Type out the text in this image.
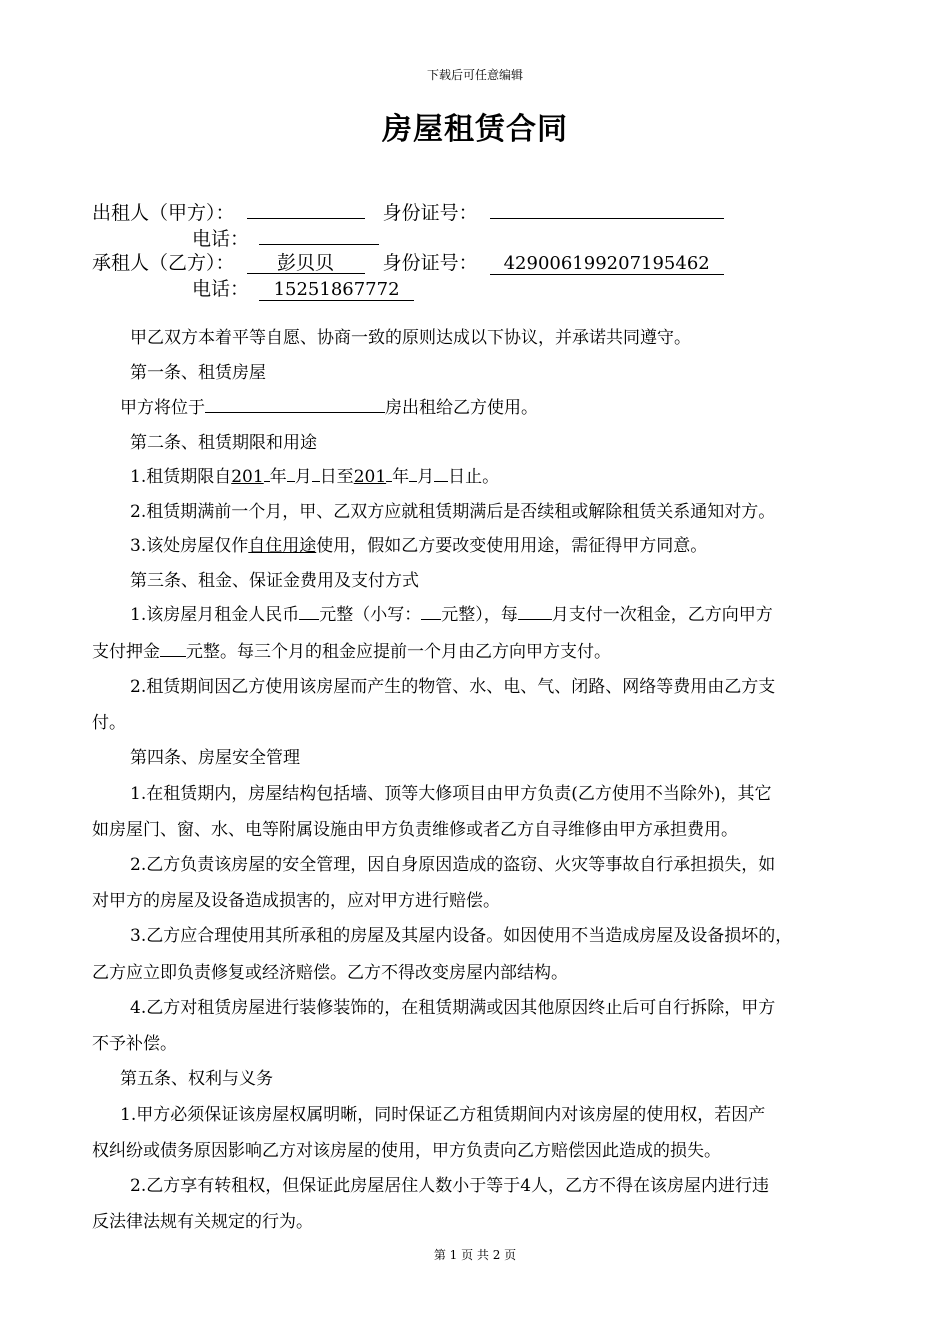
下载后可任意编辑
房屋租赁合同
出租人（甲方）：	身份证号：
电话：
承租人（乙方）： 彭贝贝	身份证号： 429006199207195462
电话： 15251867772
甲乙双方本着平等自愿、协商一致的原则达成以下协议，并承诺共同遵守。
第一条、租赁房屋
甲方将位于	房出租给乙方使用。
第二条、租赁期限和用途
1.租赁期限自201 年 月 日至201 年 月 日止。
2.租赁期满前一个月，甲、乙双方应就租赁期满后是否续租或解除租赁关系通知对方。
3.该处房屋仅作自住用途使用，假如乙方要改变使用用途，需征得甲方同意。
第三条、租金、保证金费用及支付方式
1.该房屋月租金人民币 元整（小写： 元整），每 月支付一次租金，乙方向甲方
支付押金 元整。每三个月的租金应提前一个月由乙方向甲方支付。
2.租赁期间因乙方使用该房屋而产生的物管、水、电、气、闭路、网络等费用由乙方支
付。
第四条、房屋安全管理
1.在租赁期内，房屋结构包括墙、顶等大修项目由甲方负责(乙方使用不当除外)，其它
如房屋门、窗、水、电等附属设施由甲方负责维修或者乙方自寻维修由甲方承担费用。
2.乙方负责该房屋的安全管理，因自身原因造成的盗窃、火灾等事故自行承担损失，如
对甲方的房屋及设备造成损害的，应对甲方进行赔偿。
3.乙方应合理使用其所承租的房屋及其屋内设备。如因使用不当造成房屋及设备损坏的，
乙方应立即负责修复或经济赔偿。乙方不得改变房屋内部结构。
4.乙方对租赁房屋进行装修装饰的，在租赁期满或因其他原因终止后可自行拆除，甲方
不予补偿。
第五条、权利与义务
1.甲方必须保证该房屋权属明晰，同时保证乙方租赁期间内对该房屋的使用权，若因产
权纠纷或债务原因影响乙方对该房屋的使用，甲方负责向乙方赔偿因此造成的损失。
2.乙方享有转租权，但保证此房屋居住人数小于等于4人，乙方不得在该房屋内进行违
反法律法规有关规定的行为。
第 1 页 共 2 页
